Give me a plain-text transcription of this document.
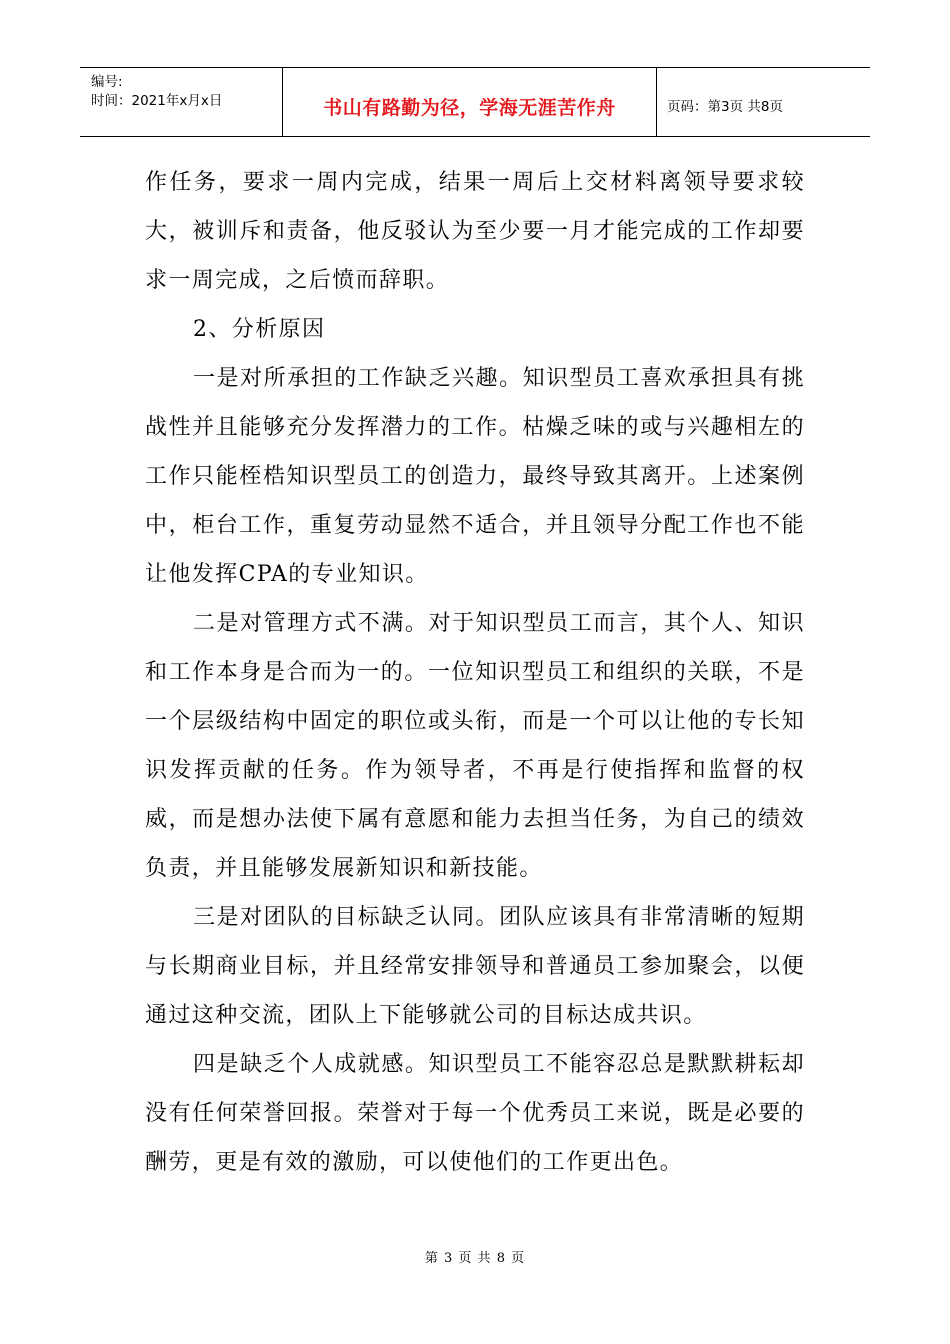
编号:
时间：2021年x月x日	书山有路勤为径，学海无涯苦作舟	页码：第3页 共8页

作任务，要求一周内完成，结果一周后上交材料离领导要求较大，被训斥和责备，他反驳认为至少要一月才能完成的工作却要求一周完成，之后愤而辞职。

2、分析原因

一是对所承担的工作缺乏兴趣。知识型员工喜欢承担具有挑战性并且能够充分发挥潜力的工作。枯燥乏味的或与兴趣相左的工作只能桎梏知识型员工的创造力，最终导致其离开。上述案例中，柜台工作，重复劳动显然不适合，并且领导分配工作也不能让他发挥CPA的专业知识。

二是对管理方式不满。对于知识型员工而言，其个人、知识和工作本身是合而为一的。一位知识型员工和组织的关联，不是一个层级结构中固定的职位或头衔，而是一个可以让他的专长知识发挥贡献的任务。作为领导者，不再是行使指挥和监督的权威，而是想办法使下属有意愿和能力去担当任务，为自己的绩效负责，并且能够发展新知识和新技能。

三是对团队的目标缺乏认同。团队应该具有非常清晰的短期与长期商业目标，并且经常安排领导和普通员工参加聚会，以便通过这种交流，团队上下能够就公司的目标达成共识。

四是缺乏个人成就感。知识型员工不能容忍总是默默耕耘却没有任何荣誉回报。荣誉对于每一个优秀员工来说，既是必要的酬劳，更是有效的激励，可以使他们的工作更出色。

第 3 页 共 8 页
